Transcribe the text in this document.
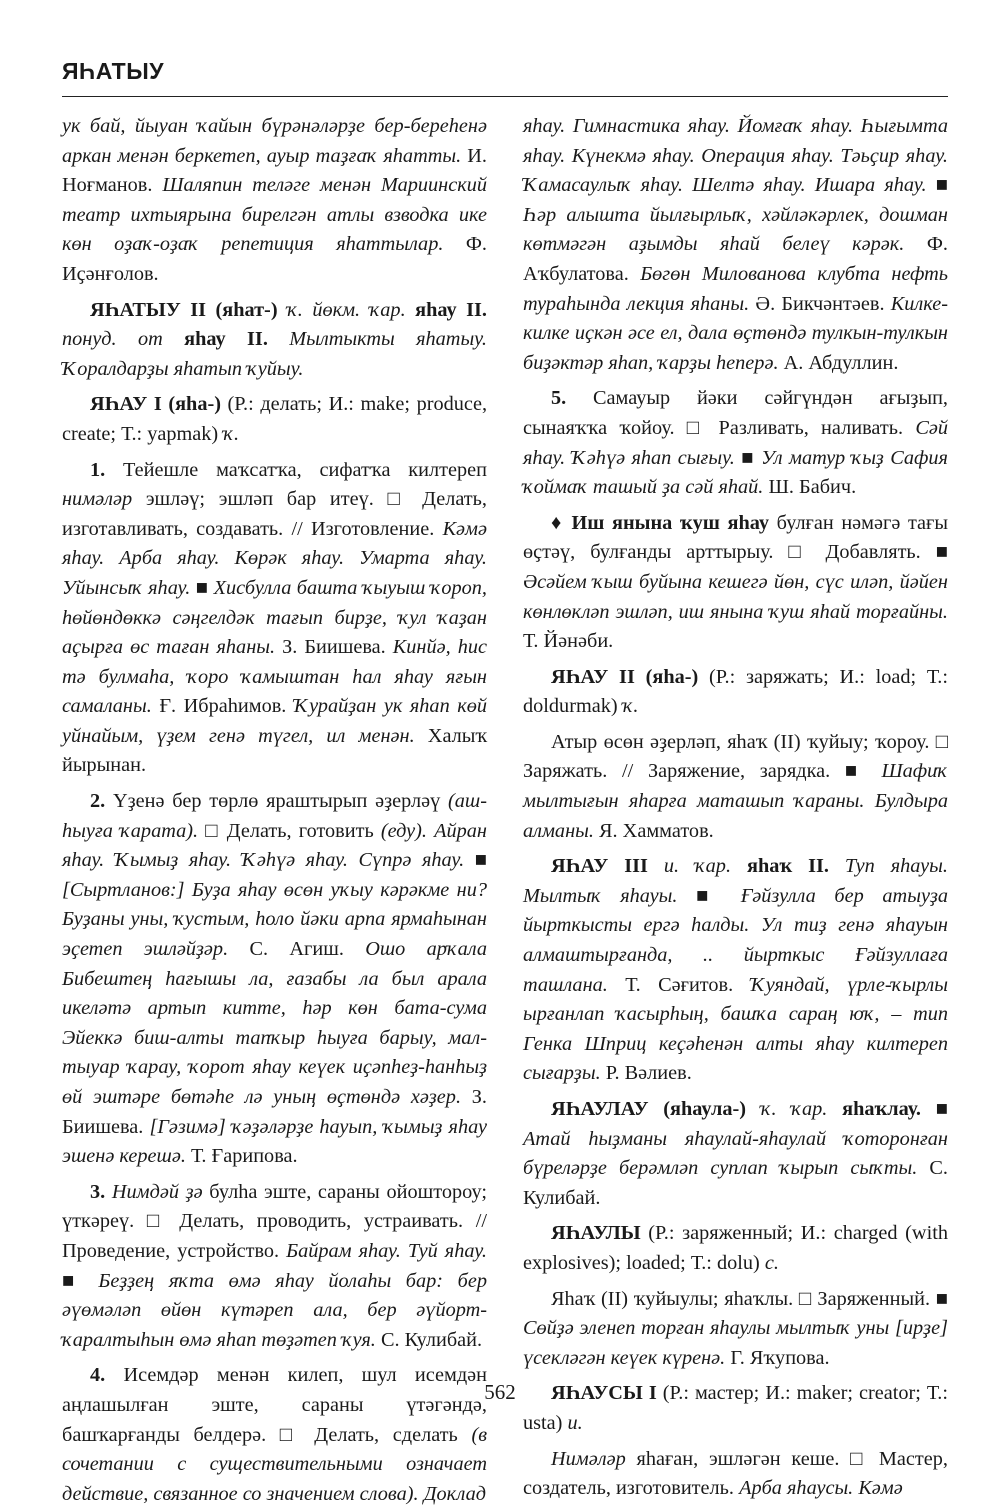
ЯҺАТЫУ

ук бай, йыуан ҡайын бүрәнәләрҙе бер-береһенә аркан менән беркетеп, ауыр таҙғаҡ яһатты. И. Ноғманов. Шаляпин теләге менән Мариинский театр ихтыярына бирелгән атлы взводка ике көн оҙаҡ-оҙаҡ репетиция яһаттылар. Ф. Иҫәнғолов.

ЯҺАТЫУ II (яһат-) ҡ. йөкм. ҡар. яһау II. понуд. от яһау II. Мылтыкты яһатыу. Ҡоралдарҙы яһатып ҡуйыу.

ЯҺАУ I (яһа-) (Р.: делать; И.: make; produce, create; Т.: yapmak) ҡ.

1. Тейешле маҡсатҡа, сифатҡа килтереп нимәләр эшләү; эшләп бар итеү. □ Делать, изготавливать, создавать. // Изготовление. Кәмә яһау. Арба яһау. Көрәк яһау. Умарта яһау. Уйынсыҡ яһау. ■ Хисбулла башта ҡыуыш ҡороп, һөйөндөккә сәңгелдәк тағып бирҙе, ҡул ҡаҙан аҫырға өс таған яһаны. З. Биишева. Кинйә, һис тә булмаһа, ҡоро ҡамыштан һал яһау яғын самаланы. Ғ. Ибраһимов. Ҡурайҙан ук яһап көй уйнайым, үҙем генә түгел, ил менән. Халыҡ йырынан.

2. Үҙенә бер төрлө яраштырып әҙерләү (аш-һыуға ҡарата). □ Делать, готовить (еду). Айран яһау. Ҡымыҙ яһау. Ҡәһүә яһау. Сүпрә яһау. ■ [Сыртланов:] Буҙа яһау өсөн уҡыу кәрәкме ни? Буҙаны уны, ҡустым, һоло йәки арпа ярмаһынан эҫетеп эшләйҙәр. С. Агиш. Ошо арҡала Бибештең һағышы ла, ғазабы ла был арала икеләтә артып китте, һәр көн бата-сума Эйеккә биш-алты тапҡыр һыуға барыу, мал-тыуар ҡарау, ҡорот яһау кеүек иҫәпһеҙ-һанһыҙ өй эштәре бөтәһе лә уның өҫтөндә хәҙер. З. Биишева. [Гәзимә] ҡәҙәләрҙе һауып, ҡымыҙ яһау эшенә керешә. Т. Ғарипова.

3. Нимдәй ҙә булһа эште, сараны ойоштороу; үткәреү. □ Делать, проводить, устраивать. // Проведение, устройство. Байрам яһау. Туй яһау. ■ Беҙҙең яҡта өмә яһау йолаһы бар: бер әүөмәләп өйөн күтәреп ала, бер әүйорт-ҡаралтыһын өмә яһап төҙәтеп ҡуя. С. Кулибай.

4. Исемдәр менән килеп, шул исемдән аңлашылған эште, сараны үтәгәндә, башҡарғанды белдерә. □ Делать, сделать (в сочетании с существительными означает действие, связанное со значением слова). Доклад

яһау. Гимнастика яһау. Йомғаҡ яһау. Һығымта яһау. Күнекмә яһау. Операция яһау. Тәьҫир яһау. Ҡамасаулыҡ яһау. Шелтә яһау. Ишара яһау. ■ Һәр алышта йылғырлыҡ, хәйләкәрлек, дошман көтмәгән аҙымды яһай белеү кәрәк. Ф. Аҡбулатова. Бөгөн Милованова клубта нефть тураһында лекция яһаны. Ә. Бикчәнтәев. Килке-килке иҫкән әсе ел, дала өҫтөндә тулкын-тулкын биҙәктәр яһап, ҡарҙы һеперә. А. Абдуллин.

5. Самауыр йәки сәйгүндән ағыҙып, сынаяҡҡа ҡойоу. □ Разливать, наливать. Сәй яһау. Ҡәһүә яһап сығыу. ■ Ул матур ҡыҙ Сафия ҡоймаҡ ташый ҙа сәй яһай. Ш. Бабич.

♦ Иш янына ҡуш яһау булған нәмәгә тағы өҫтәү, булғанды арттырыу. □ Добавлять. ■ Әсәйем ҡыш буйына кешегә йөн, сүс иләп, йәйен көнлөклəп эшләп, иш янына ҡуш яһай торғайны. Т. Йәнәби.

ЯҺАУ II (яһа-) (Р.: заряжать; И.: load; Т.: doldurmak) ҡ.

Атыр өсөн әҙерләп, яһаҡ (II) ҡуйыу; ҡороу. □ Заряжать. // Заряжение, зарядка. ■ Шафиҡ мылтығын яһарға маташып ҡараны. Булдыра алманы. Я. Хамматов.

ЯҺАУ III и. ҡар. яһаҡ II. Туп яһауы. Мылтыҡ яһауы. ■ Ғәйзулла бер атыуҙа йырткысты ергә һалды. Ул тиҙ генә яһауын алмаштырғанда, .. йырткыс Ғәйзуллаға ташлана. Т. Сәғитов. Ҡуяндай, үрле-ҡырлы ырғанлап ҡасырһың, башҡа сараң юҡ, – тип Генка Шприц кеҫәһенән алты яһау килтереп сығарҙы. Р. Вәлиев.

ЯҺАУЛАУ (яһаула-) ҡ. ҡар. яһаҡлау. ■ Атай һыҙманы яһаулай-яһаулай ҡоторонған бүреләрҙе берәмләп суплап ҡырып сыҡты. С. Кулибай.

ЯҺАУЛЫ (Р.: заряженный; И.: charged (with explosives); loaded; Т.: dolu) с.

Яһаҡ (II) ҡуйыулы; яһаҡлы. □ Заряженный. ■ Сөйҙә эленеп торған яһаулы мылтыҡ уны [ирҙе] үсекләгән кеүек күренә. Г. Яҡупова.

ЯҺАУСЫ I (Р.: мастер; И.: maker; creator; Т.: usta) и.

Нимәләр яһаған, эшләгән кеше. □ Мастер, создатель, изготовитель. Арба яһаусы. Кәмә

562
